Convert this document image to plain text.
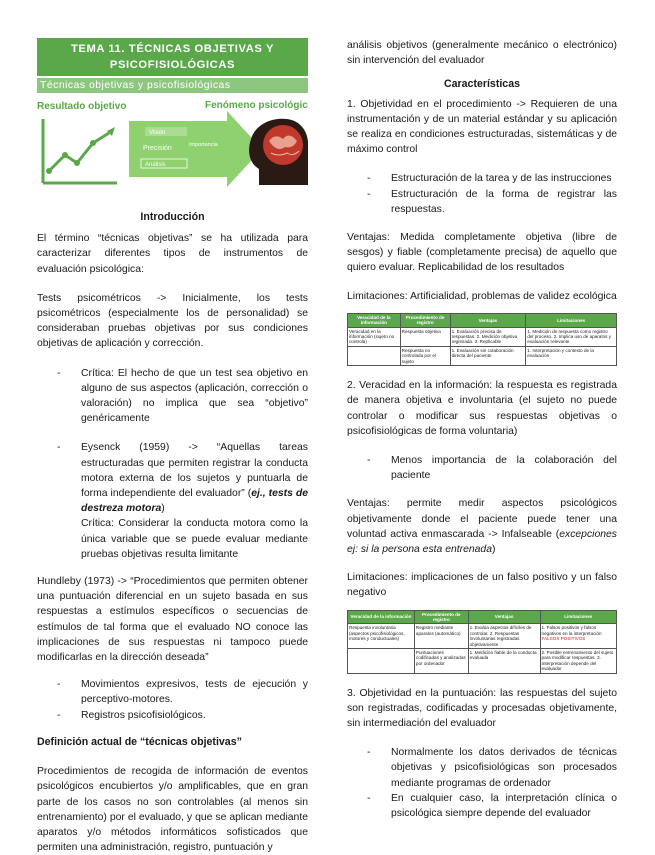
TEMA 11. TÉCNICAS OBJETIVAS Y PSICOFISIOLÓGICAS
Técnicas objetivas y psicofisiológicas
Resultado objetivo	Fenómeno psicológico
Visión
Precisión	Importancia
Análisis
Introducción

El término “técnicas objetivas” se ha utilizada para caracterizar diferentes tipos de instrumentos de evaluación psicológica:

Tests psicométricos -> Inicialmente, los tests psicométricos (especialmente los de personalidad) se consideraban pruebas objetivas por sus condiciones objetivas de aplicación y corrección.

- Crítica: El hecho de que un test sea objetivo en alguno de sus aspectos (aplicación, corrección o valoración) no implica que sea “objetivo” genéricamente
- Eysenck (1959) -> “Aquellas tareas estructuradas que permiten registrar la conducta motora externa de los sujetos y puntuarla de forma independiente del evaluador” (ej., tests de destreza motora)
Crítica: Considerar la conducta motora como la única variable que se puede evaluar mediante pruebas objetivas resulta limitante

Hundleby (1973) -> “Procedimientos que permiten obtener una puntuación diferencial en un sujeto basada en sus respuestas a estímulos específicos o secuencias de estímulos de tal forma que el evaluado NO conoce las implicaciones de sus respuestas ni tampoco puede modificarlas en la dirección deseada”

- Movimientos expresivos, tests de ejecución y perceptivo-motores.
- Registros psicofisiológicos.
Definición actual de “técnicas objetivas”

Procedimientos de recogida de información de eventos psicológicos encubiertos y/o amplificables, que en gran parte de los casos no son controlables (al menos sin entrenamiento) por el evaluado, y que se aplican mediante aparatos y/o métodos informáticos sofisticados que permiten una administración, registro, puntuación y

análisis objetivos (generalmente mecánico o electrónico) sin intervención del evaluador

Características

1. Objetividad en el procedimiento -> Requieren de una instrumentación y de un material estándar y su aplicación se realiza en condiciones estructuradas, sistemáticas y de máximo control

- Estructuración de la tarea y de las instrucciones
- Estructuración de la forma de registrar las respuestas.

Ventajas: Medida completamente objetiva (libre de sesgos) y fiable (completamente precisa) de aquello que quiero evaluar. Replicabilidad de los resultados

Limitaciones: Artificialidad, problemas de validez ecológica

Veracidad de la información	Procedimiento de registro	Ventajas	Limitaciones
Veracidad en la información (sujeto no controla)	Respuesta objetiva	1. Evaluación precisa de respuestas. 2. Medición objetiva registrada. 3. Replicable	1. Medición de respuesta como registro del proceso. 2. Implica uso de aparatos y evaluación relevante
	Respuesta no controlada por el sujeto	1. Evaluación sin colaboración directa del paciente	1. Interpretación y contexto de la evaluación

2. Veracidad en la información: la respuesta es registrada de manera objetiva e involuntaria (el sujeto no puede controlar o modificar sus respuestas objetivas o psicofisiológicas de forma voluntaria)

- Menos importancia de la colaboración del paciente

Ventajas: permite medir aspectos psicológicos objetivamente donde el paciente puede tener una voluntad activa enmascarada -> Infalseable (excepciones ej: si la persona esta entrenada)

Limitaciones: implicaciones de un falso positivo y un falso negativo

Veracidad de la información	Procedimiento de registro	Ventajas	Limitaciones
Respuesta involuntaria (aspectos psicofisiológicos, motores y conductuales)	Registro mediante aparatos (automático)	1. Evalúa aspectos difíciles de controlar. 2. Respuestas involuntarias registradas objetivamente	1. Falsos positivos y falsos negativos en la interpretación FALSOS POSITIVOS
	Puntuaciones codificadas y analizadas por ordenador	1. Medición fiable de la conducta evaluada	2. Posible entrenamiento del sujeto para modificar respuestas. 3. Interpretación depende del evaluador

3. Objetividad en la puntuación: las respuestas del sujeto son registradas, codificadas y procesadas objetivamente, sin intermediación del evaluador

- Normalmente los datos derivados de técnicas objetivas y psicofisiológicas son procesados mediante programas de ordenador
- En cualquier caso, la interpretación clínica o psicológica siempre depende del evaluador
